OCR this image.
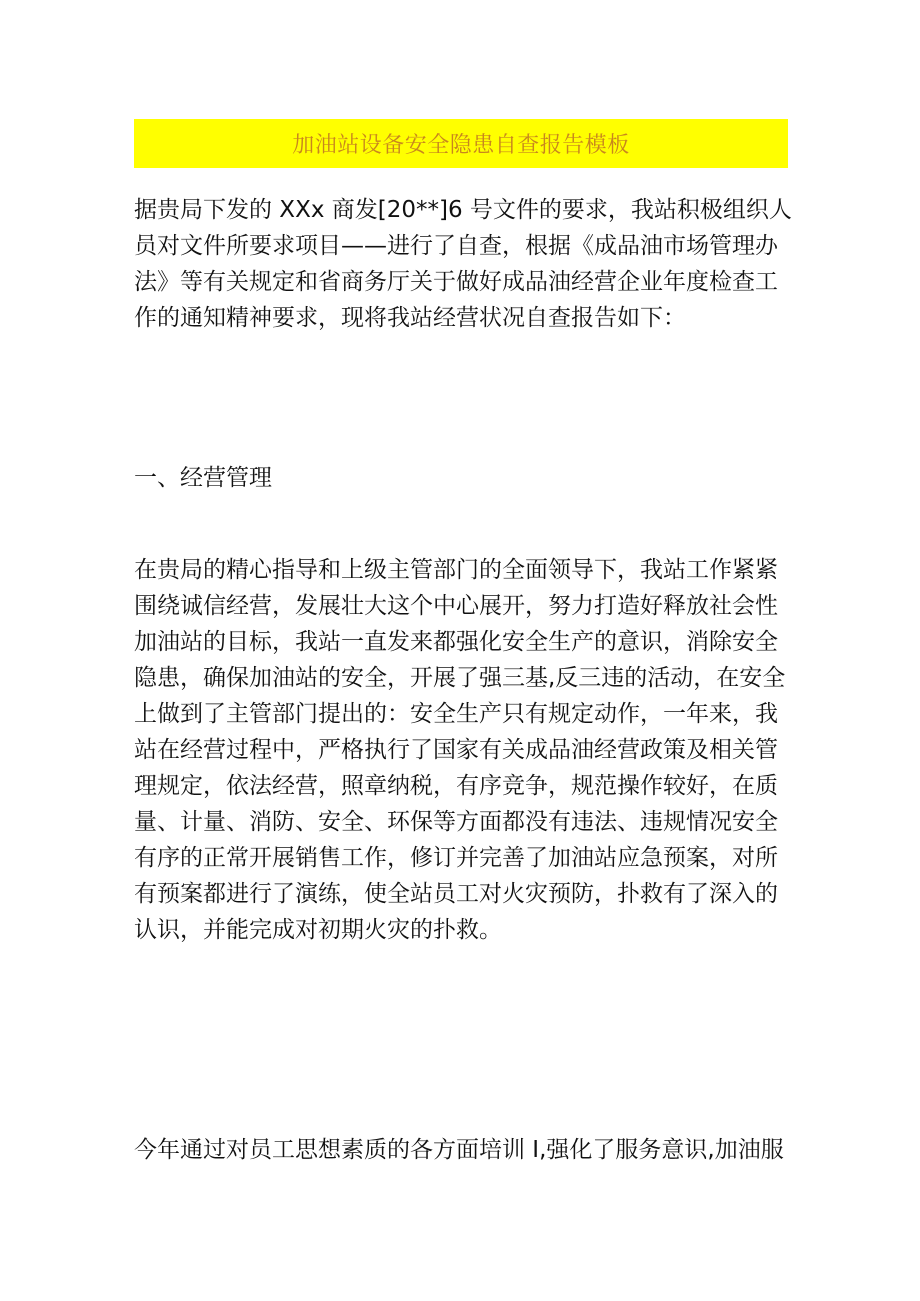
加油站设备安全隐患自查报告模板
据贵局下发的 XXx 商发[20**]6 号文件的要求，我站积极组织人
员对文件所要求项目——进行了自查，根据《成品油市场管理办
法》等有关规定和省商务厅关于做好成品油经营企业年度检查工
作的通知精神要求，现将我站经营状况自查报告如下：
一、经营管理
在贵局的精心指导和上级主管部门的全面领导下，我站工作紧紧
围绕诚信经营，发展壮大这个中心展开，努力打造好释放社会性
加油站的目标，我站一直发来都强化安全生产的意识，消除安全
隐患，确保加油站的安全，开展了强三基,反三违的活动，在安全
上做到了主管部门提出的：安全生产只有规定动作，一年来，我
站在经营过程中，严格执行了国家有关成品油经营政策及相关管
理规定，依法经营，照章纳税，有序竞争，规范操作较好，在质
量、计量、消防、安全、环保等方面都没有违法、违规情况安全
有序的正常开展销售工作，修订并完善了加油站应急预案，对所
有预案都进行了演练，使全站员工对火灾预防，扑救有了深入的
认识，并能完成对初期火灾的扑救。
今年通过对员工思想素质的各方面培训 I,强化了服务意识,加油服
